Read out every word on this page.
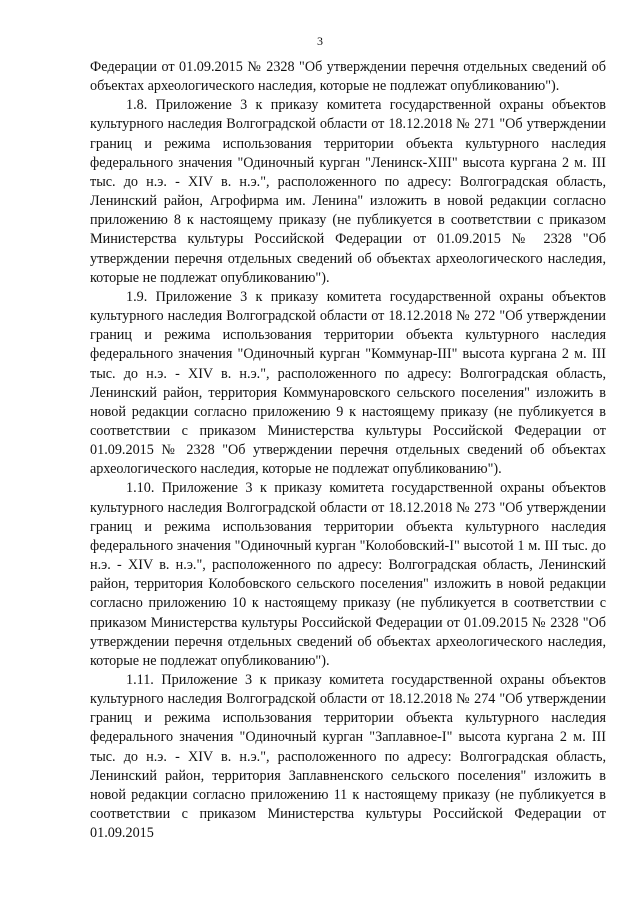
3

Федерации от 01.09.2015 № 2328 "Об утверждении перечня отдельных сведений об объектах археологического наследия, которые не подлежат опубликованию").

1.8. Приложение 3 к приказу комитета государственной охраны объектов культурного наследия Волгоградской области от 18.12.2018 № 271 "Об утверждении границ и режима использования территории объекта культурного наследия федерального значения "Одиночный курган "Ленинск-XIII" высота кургана 2 м. III тыс. до н.э. - XIV в. н.э.", расположенного по адресу: Волгоградская область, Ленинский район, Агрофирма им. Ленина" изложить в новой редакции согласно приложению 8 к настоящему приказу (не публикуется в соответствии с приказом Министерства культуры Российской Федерации от 01.09.2015 № 2328 "Об утверждении перечня отдельных сведений об объектах археологического наследия, которые не подлежат опубликованию").

1.9. Приложение 3 к приказу комитета государственной охраны объектов культурного наследия Волгоградской области от 18.12.2018 № 272 "Об утверждении границ и режима использования территории объекта культурного наследия федерального значения "Одиночный курган "Коммунар-III" высота кургана 2 м. III тыс. до н.э. - XIV в. н.э.", расположенного по адресу: Волгоградская область, Ленинский район, территория Коммунаровского сельского поселения" изложить в новой редакции согласно приложению 9 к настоящему приказу (не публикуется в соответствии с приказом Министерства культуры Российской Федерации от 01.09.2015 № 2328 "Об утверждении перечня отдельных сведений об объектах археологического наследия, которые не подлежат опубликованию").

1.10. Приложение 3 к приказу комитета государственной охраны объектов культурного наследия Волгоградской области от 18.12.2018 № 273 "Об утверждении границ и режима использования территории объекта культурного наследия федерального значения "Одиночный курган "Колобовский-I" высотой 1 м. III тыс. до н.э. - XIV в. н.э.", расположенного по адресу: Волгоградская область, Ленинский район, территория Колобовского сельского поселения" изложить в новой редакции согласно приложению 10 к настоящему приказу (не публикуется в соответствии с приказом Министерства культуры Российской Федерации от 01.09.2015 № 2328 "Об утверждении перечня отдельных сведений об объектах археологического наследия, которые не подлежат опубликованию").

1.11. Приложение 3 к приказу комитета государственной охраны объектов культурного наследия Волгоградской области от 18.12.2018 № 274 "Об утверждении границ и режима использования территории объекта культурного наследия федерального значения "Одиночный курган "Заплавное-I" высота кургана 2 м. III тыс. до н.э. - XIV в. н.э.", расположенного по адресу: Волгоградская область, Ленинский район, территория Заплавненского сельского поселения" изложить в новой редакции согласно приложению 11 к настоящему приказу (не публикуется в соответствии с приказом Министерства культуры Российской Федерации от 01.09.2015
